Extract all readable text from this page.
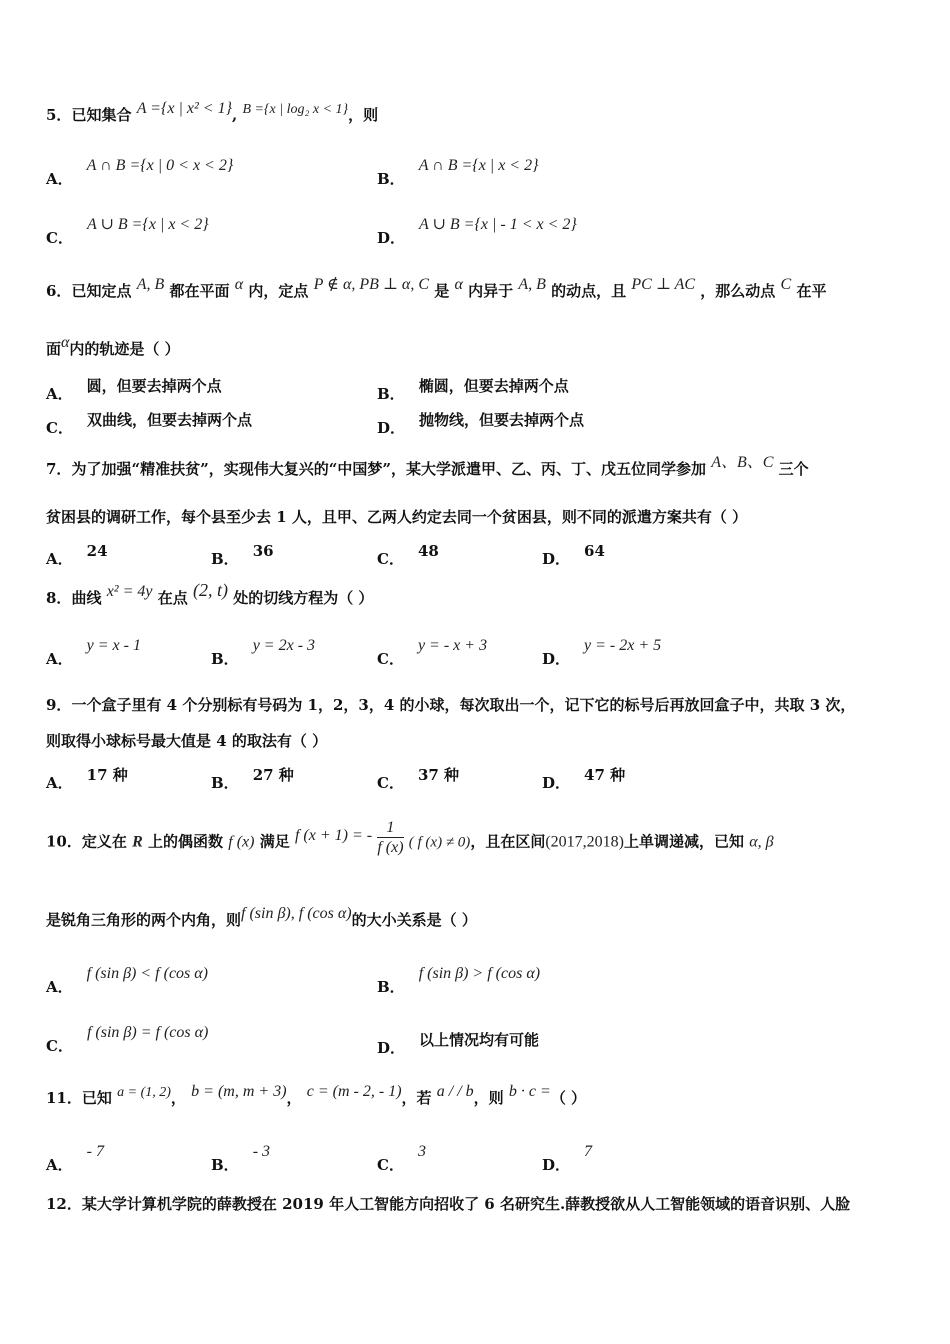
5．已知集合 A ={x | x² < 1}, B ={x | log₂ x < 1}，则
A．A ∩ B ={x | 0 < x < 2}
B．A ∩ B ={x | x < 2}
C．A ∪ B ={x | x < 2}
D．A ∪ B ={x | - 1 < x < 2}
6．已知定点 A, B 都在平面 α 内，定点 P ∉ α, PB ⊥ α, C 是 α 内异于 A, B 的动点，且 PC ⊥ AC ，那么动点 C 在平
面α内的轨迹是（ ）
A． 圆，但要去掉两个点	B． 椭圆，但要去掉两个点
C． 双曲线，但要去掉两个点	D． 抛物线，但要去掉两个点
7．为了加强“精准扶贫”，实现伟大复兴的“中国梦”，某大学派遣甲、乙、丙、丁、戊五位同学参加 A、B、C 三个
贫困县的调研工作，每个县至少去 1 人，且甲、乙两人约定去同一个贫困县，则不同的派遣方案共有（ ）
A． 24	B． 36	C． 48	D． 64
8．曲线 x² = 4y 在点 (2, t) 处的切线方程为（ ）
A．y = x - 1
B．y = 2x - 3
C．y = - x + 3
D．y = - 2x + 5
9．一个盒子里有 4 个分别标有号码为 1，2，3，4 的小球，每次取出一个，记下它的标号后再放回盒子中，共取 3 次，
则取得小球标号最大值是 4 的取法有（ ）
A． 17 种	B． 27 种	C． 37 种	D． 47 种
10．定义在 R 上的偶函数 f (x) 满足 f (x + 1) = - $\frac{1}{f (x)}$ ( f (x) ≠ 0)，且在区间(2017,2018)上单调递减，已知 α, β
是锐角三角形的两个内角，则f (sin β), f (cos α)的大小关系是（ ）
A．f (sin β) < f (cos α)
B．f (sin β) > f (cos α)
C．f (sin β) = f (cos α)
D． 以上情况均有可能
11．已知 a = (1, 2)， b = (m, m + 3)， c = (m - 2, - 1)，若 a / / b，则 b · c =（ ）
A．- 7
B．- 3
C．3
D．7
12．某大学计算机学院的薛教授在 2019 年人工智能方向招收了 6 名研究生.薛教授欲从人工智能领域的语音识别、人脸
